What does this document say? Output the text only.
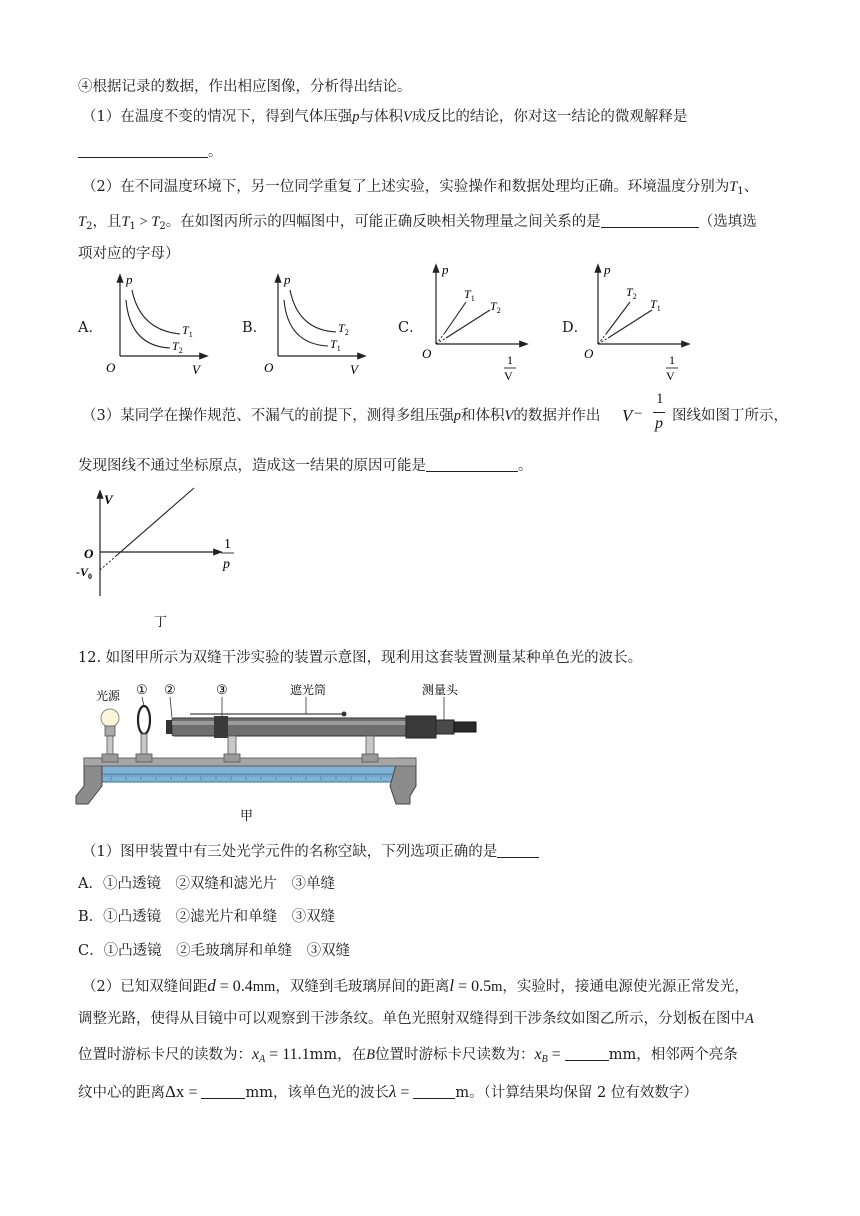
④根据记录的数据，作出相应图像，分析得出结论。
（1）在温度不变的情况下，得到气体压强p与体积V成反比的结论，你对这一结论的微观解释是
。
（2）在不同温度环境下，另一位同学重复了上述实验，实验操作和数据处理均正确。环境温度分别为$T_1$、
$T_2$，且$T_1 > T_2$。在如图丙所示的四幅图中，可能正确反映相关物理量之间关系的是	（选填选
项对应的字母）
A．
p
O	V
$T_1$
$T_2$
B．
p
O	V
$T_2$
$T_1$
C．
p
O
$T_1$
$T_2$
1
V
D．
p
O
$T_2$
$T_1$
1
V
（3）某同学在操作规范、不漏气的前提下，测得多组压强p和体积V的数据并作出 V −
1
p 图线如图丁所示，
发现图线不通过坐标原点，造成这一结果的原因可能是	。
V
O
$-V_0$
1
p
丁
12. 如图甲所示为双缝干涉实验的装置示意图，现利用这套装置测量某种单色光的波长。
光源 ① ②	③	遮光筒	测量头
甲
（1）图甲装置中有三处光学元件的名称空缺，下列选项正确的是
A．①凸透镜　②双缝和滤光片　③单缝
B．①凸透镜　②滤光片和单缝　③双缝
C．①凸透镜　②毛玻璃屏和单缝　③双缝
（2）已知双缝间距d = 0.4mm，双缝到毛玻璃屏间的距离l = 0.5m，实验时，接通电源使光源正常发光，
调整光路，使得从目镜中可以观察到干涉条纹。单色光照射双缝得到干涉条纹如图乙所示，分划板在图中A
位置时游标卡尺的读数为：$x_A = 11.1mm$，在B位置时游标卡尺读数为：$x_B$ =	mm，相邻两个亮条
纹中心的距离Δx =	mm，该单色光的波长λ =	m。（计算结果均保留 2 位有效数字）
